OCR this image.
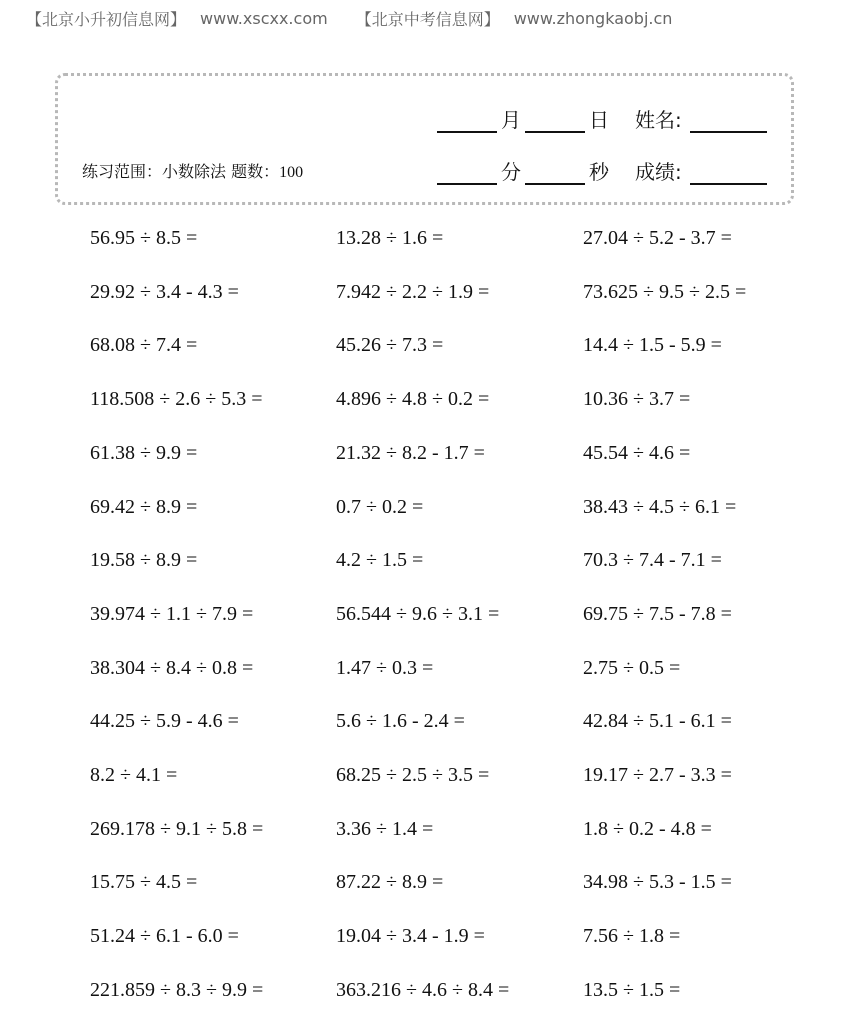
【北京小升初信息网】 www.xscxx.com 【北京中考信息网】 www.zhongkaobj.cn
月	日 姓名:
练习范围：小数除法 题数：100	分	秒 成绩:
56.95 ÷ 8.5 =	13.28 ÷ 1.6 =	27.04 ÷ 5.2 - 3.7 =
29.92 ÷ 3.4 - 4.3 =	7.942 ÷ 2.2 ÷ 1.9 =	73.625 ÷ 9.5 ÷ 2.5 =
68.08 ÷ 7.4 =	45.26 ÷ 7.3 =	14.4 ÷ 1.5 - 5.9 =
118.508 ÷ 2.6 ÷ 5.3 =	4.896 ÷ 4.8 ÷ 0.2 =	10.36 ÷ 3.7 =
61.38 ÷ 9.9 =	21.32 ÷ 8.2 - 1.7 =	45.54 ÷ 4.6 =
69.42 ÷ 8.9 =	0.7 ÷ 0.2 =	38.43 ÷ 4.5 ÷ 6.1 =
19.58 ÷ 8.9 =	4.2 ÷ 1.5 =	70.3 ÷ 7.4 - 7.1 =
39.974 ÷ 1.1 ÷ 7.9 =	56.544 ÷ 9.6 ÷ 3.1 =	69.75 ÷ 7.5 - 7.8 =
38.304 ÷ 8.4 ÷ 0.8 =	1.47 ÷ 0.3 =	2.75 ÷ 0.5 =
44.25 ÷ 5.9 - 4.6 =	5.6 ÷ 1.6 - 2.4 =	42.84 ÷ 5.1 - 6.1 =
8.2 ÷ 4.1 =	68.25 ÷ 2.5 ÷ 3.5 =	19.17 ÷ 2.7 - 3.3 =
269.178 ÷ 9.1 ÷ 5.8 =	3.36 ÷ 1.4 =	1.8 ÷ 0.2 - 4.8 =
15.75 ÷ 4.5 =	87.22 ÷ 8.9 =	34.98 ÷ 5.3 - 1.5 =
51.24 ÷ 6.1 - 6.0 =	19.04 ÷ 3.4 - 1.9 =	7.56 ÷ 1.8 =
221.859 ÷ 8.3 ÷ 9.9 =	363.216 ÷ 4.6 ÷ 8.4 =	13.5 ÷ 1.5 =
